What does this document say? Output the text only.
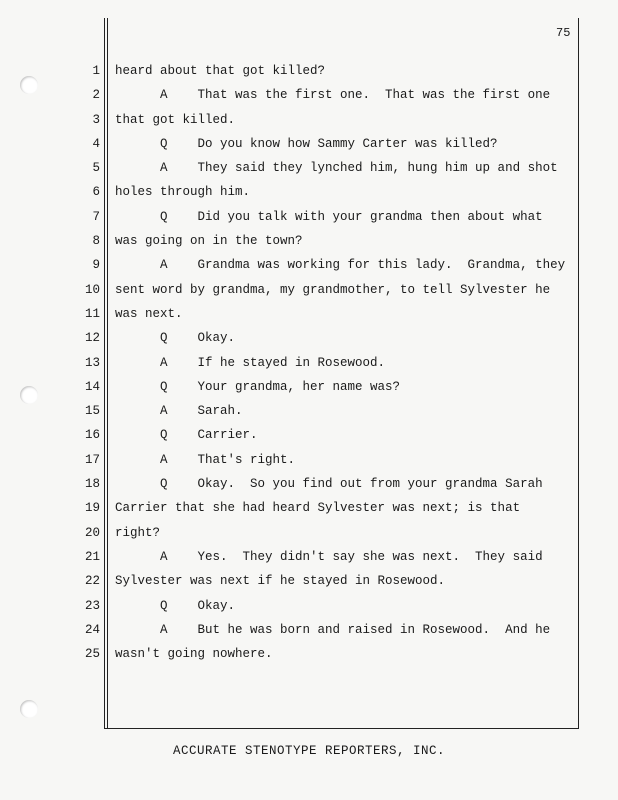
75
1 heard about that got killed?
2 A    That was the first one.  That was the first one
3 that got killed.
4 Q    Do you know how Sammy Carter was killed?
5 A    They said they lynched him, hung him up and shot
6 holes through him.
7 Q    Did you talk with your grandma then about what
8 was going on in the town?
9 A    Grandma was working for this lady.  Grandma, they
10 sent word by grandma, my grandmother, to tell Sylvester he
11 was next.
12 Q    Okay.
13 A    If he stayed in Rosewood.
14 Q    Your grandma, her name was?
15 A    Sarah.
16 Q    Carrier.
17 A    That's right.
18 Q    Okay.  So you find out from your grandma Sarah
19 Carrier that she had heard Sylvester was next; is that
20 right?
21 A    Yes.  They didn't say she was next.  They said
22 Sylvester was next if he stayed in Rosewood.
23 Q    Okay.
24 A    But he was born and raised in Rosewood.  And he
25 wasn't going nowhere.
ACCURATE STENOTYPE REPORTERS, INC.
